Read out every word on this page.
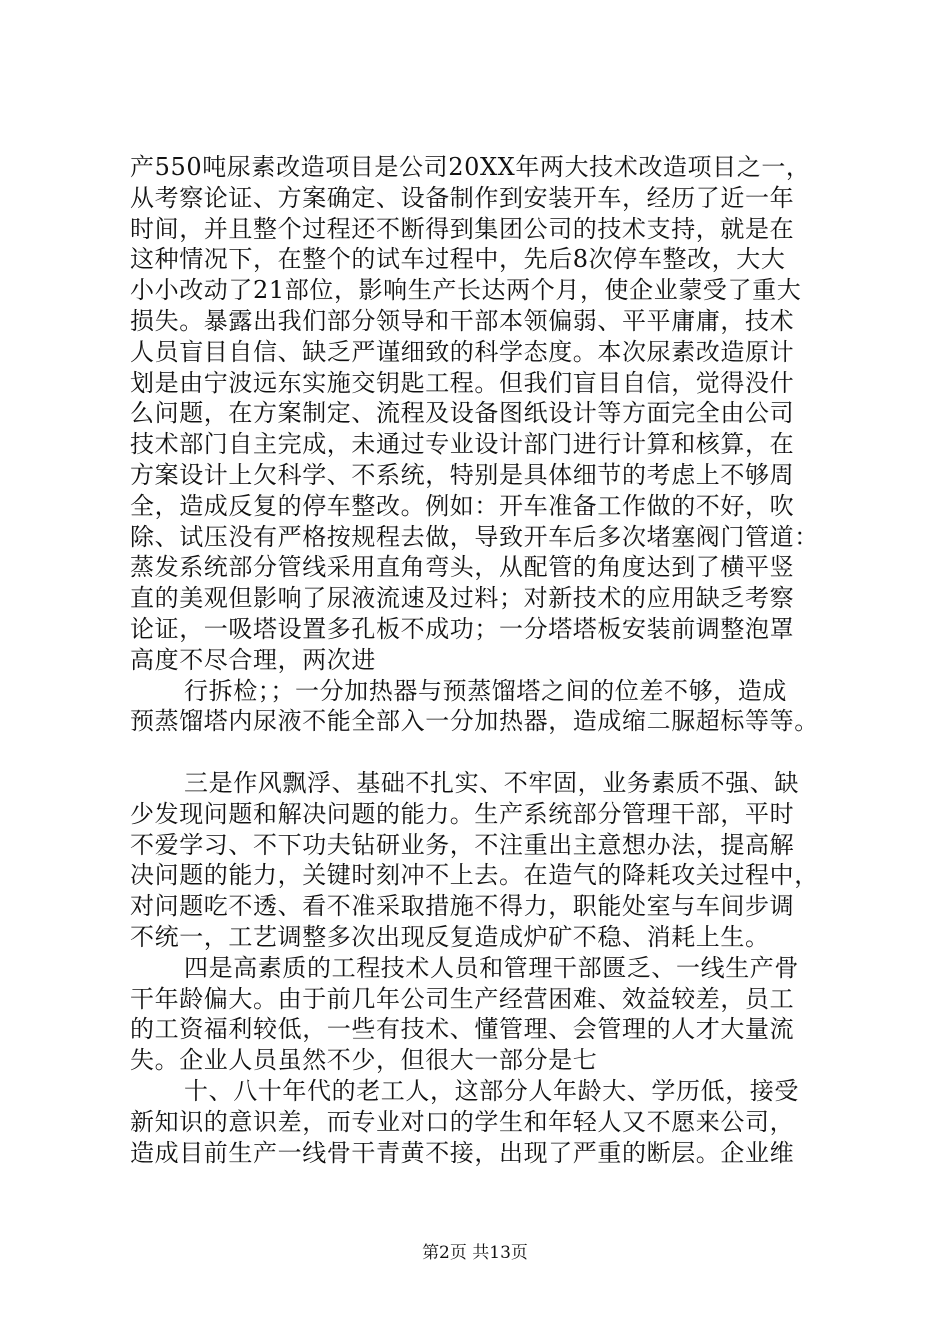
产550吨尿素改造项目是公司20XX年两大技术改造项目之一，
从考察论证、方案确定、设备制作到安装开车，经历了近一年
时间，并且整个过程还不断得到集团公司的技术支持，就是在
这种情况下，在整个的试车过程中，先后8次停车整改，大大
小小改动了21部位，影响生产长达两个月，使企业蒙受了重大
损失。暴露出我们部分领导和干部本领偏弱、平平庸庸，技术
人员盲目自信、缺乏严谨细致的科学态度。本次尿素改造原计
划是由宁波远东实施交钥匙工程。但我们盲目自信，觉得没什
么问题，在方案制定、流程及设备图纸设计等方面完全由公司
技术部门自主完成，未通过专业设计部门进行计算和核算，在
方案设计上欠科学、不系统，特别是具体细节的考虑上不够周
全，造成反复的停车整改。例如：开车准备工作做的不好，吹
除、试压没有严格按规程去做，导致开车后多次堵塞阀门管道：
蒸发系统部分管线采用直角弯头，从配管的角度达到了横平竖
直的美观但影响了尿液流速及过料；对新技术的应用缺乏考察
论证，一吸塔设置多孔板不成功；一分塔塔板安装前调整泡罩
高度不尽合理，两次进
行拆检；；一分加热器与预蒸馏塔之间的位差不够，造成
预蒸馏塔内尿液不能全部入一分加热器，造成缩二脲超标等等。
三是作风飘浮、基础不扎实、不牢固，业务素质不强、缺
少发现问题和解决问题的能力。生产系统部分管理干部，平时
不爱学习、不下功夫钻研业务，不注重出主意想办法，提高解
决问题的能力，关键时刻冲不上去。在造气的降耗攻关过程中，
对问题吃不透、看不准采取措施不得力，职能处室与车间步调
不统一，工艺调整多次出现反复造成炉矿不稳、消耗上生。
四是高素质的工程技术人员和管理干部匮乏、一线生产骨
干年龄偏大。由于前几年公司生产经营困难、效益较差，员工
的工资福利较低，一些有技术、懂管理、会管理的人才大量流
失。企业人员虽然不少，但很大一部分是七
十、八十年代的老工人，这部分人年龄大、学历低，接受
新知识的意识差，而专业对口的学生和年轻人又不愿来公司，
造成目前生产一线骨干青黄不接，出现了严重的断层。企业维
第2页 共13页
